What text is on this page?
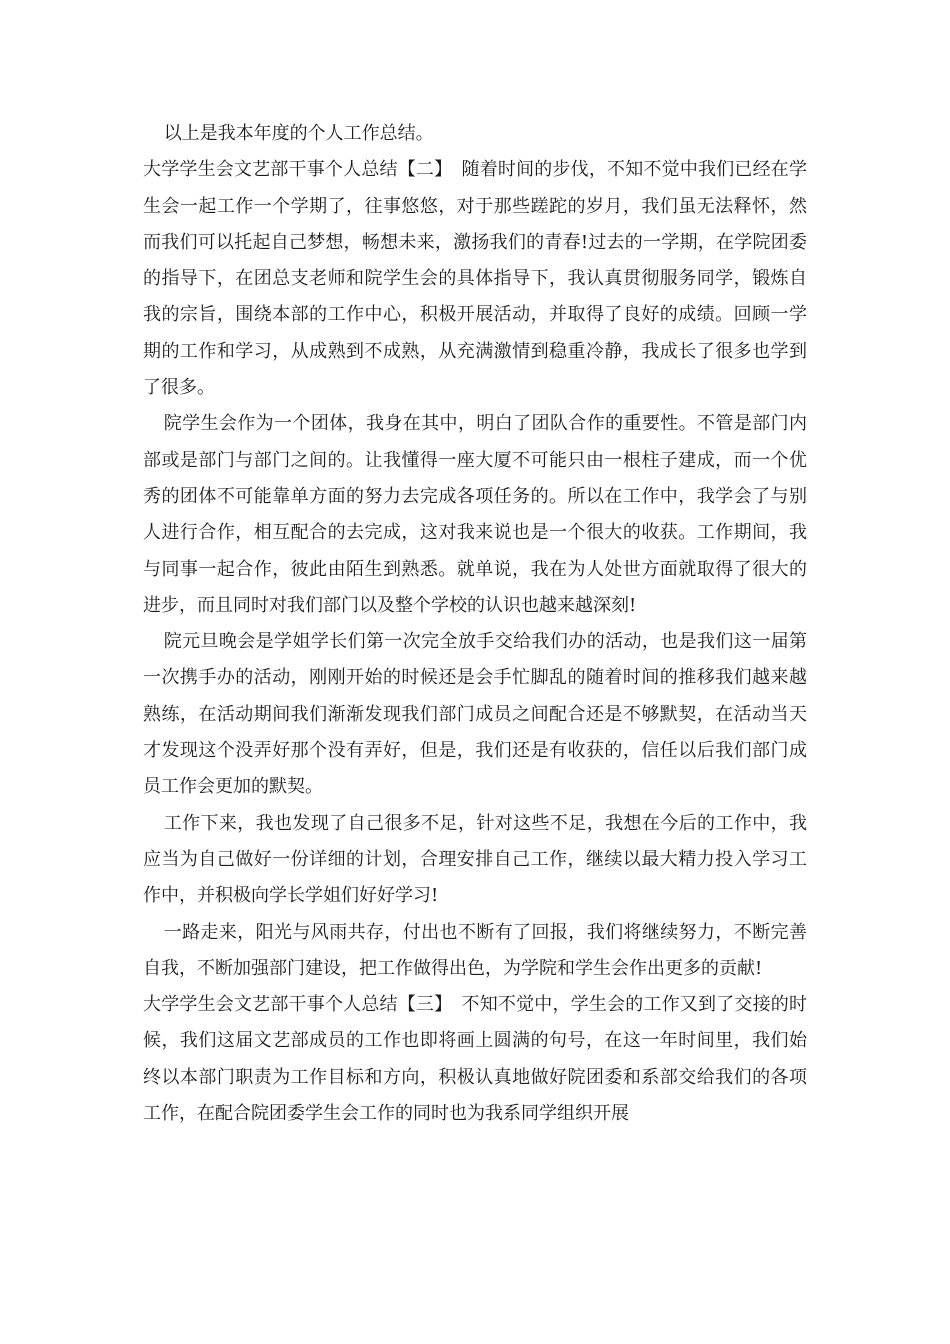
以上是我本年度的个人工作总结。

大学学生会文艺部干事个人总结【二】　随着时间的步伐，不知不觉中我们已经在学生会一起工作一个学期了，往事悠悠，对于那些蹉跎的岁月，我们虽无法释怀，然而我们可以托起自己梦想，畅想未来，激扬我们的青春!过去的一学期，在学院团委的指导下，在团总支老师和院学生会的具体指导下，我认真贯彻服务同学，锻炼自我的宗旨，围绕本部的工作中心，积极开展活动，并取得了良好的成绩。回顾一学期的工作和学习，从成熟到不成熟，从充满激情到稳重冷静，我成长了很多也学到了很多。

院学生会作为一个团体，我身在其中，明白了团队合作的重要性。不管是部门内部或是部门与部门之间的。让我懂得一座大厦不可能只由一根柱子建成，而一个优秀的团体不可能靠单方面的努力去完成各项任务的。所以在工作中，我学会了与别人进行合作，相互配合的去完成，这对我来说也是一个很大的收获。工作期间，我与同事一起合作，彼此由陌生到熟悉。就单说，我在为人处世方面就取得了很大的进步，而且同时对我们部门以及整个学校的认识也越来越深刻!

院元旦晚会是学姐学长们第一次完全放手交给我们办的活动，也是我们这一届第一次携手办的活动，刚刚开始的时候还是会手忙脚乱的随着时间的推移我们越来越熟练，在活动期间我们渐渐发现我们部门成员之间配合还是不够默契，在活动当天才发现这个没弄好那个没有弄好，但是，我们还是有收获的，信任以后我们部门成员工作会更加的默契。

工作下来，我也发现了自己很多不足，针对这些不足，我想在今后的工作中，我应当为自己做好一份详细的计划，合理安排自己工作，继续以最大精力投入学习工作中，并积极向学长学姐们好好学习!

一路走来，阳光与风雨共存，付出也不断有了回报，我们将继续努力，不断完善自我，不断加强部门建设，把工作做得出色，为学院和学生会作出更多的贡献!

大学学生会文艺部干事个人总结【三】　不知不觉中，学生会的工作又到了交接的时候，我们这届文艺部成员的工作也即将画上圆满的句号，在这一年时间里，我们始终以本部门职责为工作目标和方向，积极认真地做好院团委和系部交给我们的各项工作，在配合院团委学生会工作的同时也为我系同学组织开展
